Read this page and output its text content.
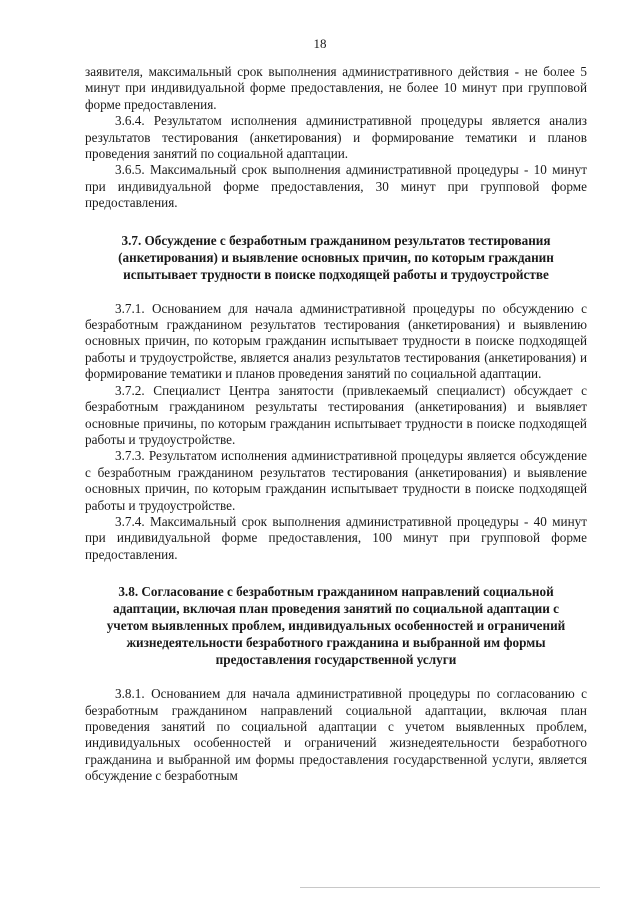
18

заявителя, максимальный срок выполнения административного действия - не более 5 минут при индивидуальной форме предоставления, не более 10 минут при групповой форме предоставления.

3.6.4. Результатом исполнения административной процедуры является анализ результатов тестирования (анкетирования) и формирование тематики и планов проведения занятий по социальной адаптации.

3.6.5. Максимальный срок выполнения административной процедуры - 10 минут при индивидуальной форме предоставления, 30 минут при групповой форме предоставления.

3.7. Обсуждение с безработным гражданином результатов тестирования (анкетирования) и выявление основных причин, по которым гражданин испытывает трудности в поиске подходящей работы и трудоустройстве

3.7.1. Основанием для начала административной процедуры по обсуждению с безработным гражданином результатов тестирования (анкетирования) и выявлению основных причин, по которым гражданин испытывает трудности в поиске подходящей работы и трудоустройстве, является анализ результатов тестирования (анкетирования) и формирование тематики и планов проведения занятий по социальной адаптации.

3.7.2. Специалист Центра занятости (привлекаемый специалист) обсуждает с безработным гражданином результаты тестирования (анкетирования) и выявляет основные причины, по которым гражданин испытывает трудности в поиске подходящей работы и трудоустройстве.

3.7.3. Результатом исполнения административной процедуры является обсуждение с безработным гражданином результатов тестирования (анкетирования) и выявление основных причин, по которым гражданин испытывает трудности в поиске подходящей работы и трудоустройстве.

3.7.4. Максимальный срок выполнения административной процедуры - 40 минут при индивидуальной форме предоставления, 100 минут при групповой форме предоставления.

3.8. Согласование с безработным гражданином направлений социальной адаптации, включая план проведения занятий по социальной адаптации с учетом выявленных проблем, индивидуальных особенностей и ограничений жизнедеятельности безработного гражданина и выбранной им формы предоставления государственной услуги

3.8.1. Основанием для начала административной процедуры по согласованию с безработным гражданином направлений социальной адаптации, включая план проведения занятий по социальной адаптации с учетом выявленных проблем, индивидуальных особенностей и ограничений жизнедеятельности безработного гражданина и выбранной им формы предоставления государственной услуги, является обсуждение с безработным
